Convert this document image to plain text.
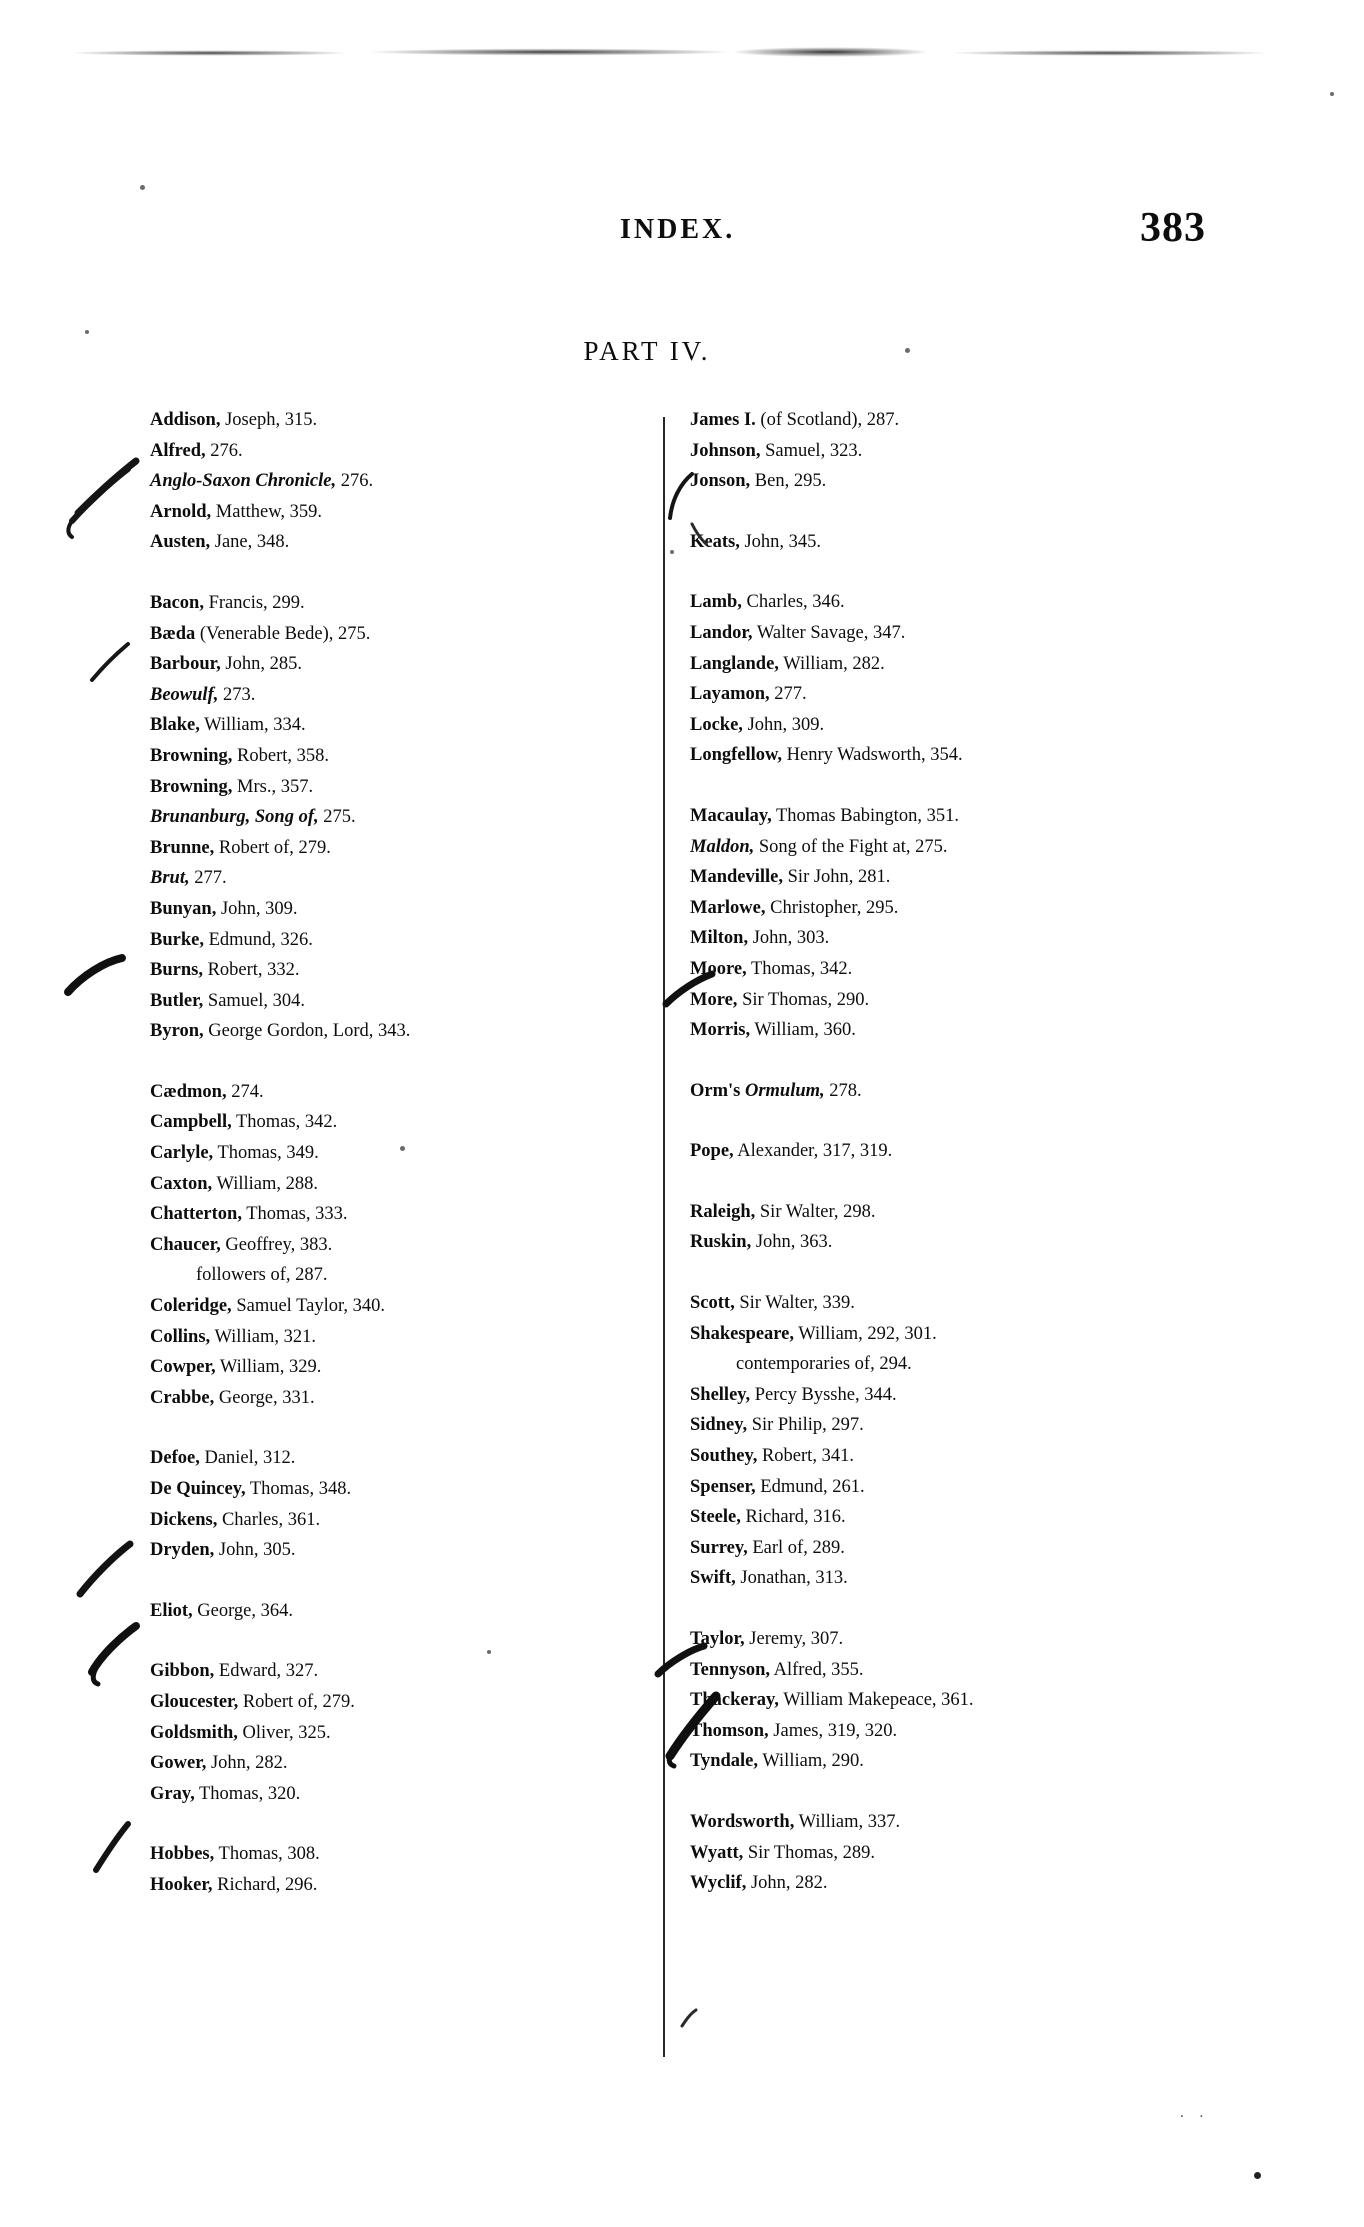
INDEX.	383
PART IV.
Addison, Joseph, 315.
Alfred, 276.
Anglo-Saxon Chronicle, 276.
Arnold, Matthew, 359.
Austen, Jane, 348.
Bacon, Francis, 299.
Bæda (Venerable Bede), 275.
Barbour, John, 285.
Beowulf, 273.
Blake, William, 334.
Browning, Robert, 358.
Browning, Mrs., 357.
Brunanburg, Song of, 275.
Brunne, Robert of, 279.
Brut, 277.
Bunyan, John, 309.
Burke, Edmund, 326.
Burns, Robert, 332.
Butler, Samuel, 304.
Byron, George Gordon, Lord, 343.
Cædmon, 274.
Campbell, Thomas, 342.
Carlyle, Thomas, 349.
Caxton, William, 288.
Chatterton, Thomas, 333.
Chaucer, Geoffrey, 383.
followers of, 287.
Coleridge, Samuel Taylor, 340.
Collins, William, 321.
Cowper, William, 329.
Crabbe, George, 331.
Defoe, Daniel, 312.
De Quincey, Thomas, 348.
Dickens, Charles, 361.
Dryden, John, 305.
Eliot, George, 364.
Gibbon, Edward, 327.
Gloucester, Robert of, 279.
Goldsmith, Oliver, 325.
Gower, John, 282.
Gray, Thomas, 320.
Hobbes, Thomas, 308.
Hooker, Richard, 296.
James I. (of Scotland), 287.
Johnson, Samuel, 323.
Jonson, Ben, 295.
Keats, John, 345.
Lamb, Charles, 346.
Landor, Walter Savage, 347.
Langlande, William, 282.
Layamon, 277.
Locke, John, 309.
Longfellow, Henry Wadsworth, 354.
Macaulay, Thomas Babington, 351.
Maldon, Song of the Fight at, 275.
Mandeville, Sir John, 281.
Marlowe, Christopher, 295.
Milton, John, 303.
Moore, Thomas, 342.
More, Sir Thomas, 290.
Morris, William, 360.
Orm's Ormulum, 278.
Pope, Alexander, 317, 319.
Raleigh, Sir Walter, 298.
Ruskin, John, 363.
Scott, Sir Walter, 339.
Shakespeare, William, 292, 301.
contemporaries of, 294.
Shelley, Percy Bysshe, 344.
Sidney, Sir Philip, 297.
Southey, Robert, 341.
Spenser, Edmund, 261.
Steele, Richard, 316.
Surrey, Earl of, 289.
Swift, Jonathan, 313.
Taylor, Jeremy, 307.
Tennyson, Alfred, 355.
Thackeray, William Makepeace, 361.
Thomson, James, 319, 320.
Tyndale, William, 290.
Wordsworth, William, 337.
Wyatt, Sir Thomas, 289.
Wyclif, John, 282.
. .
